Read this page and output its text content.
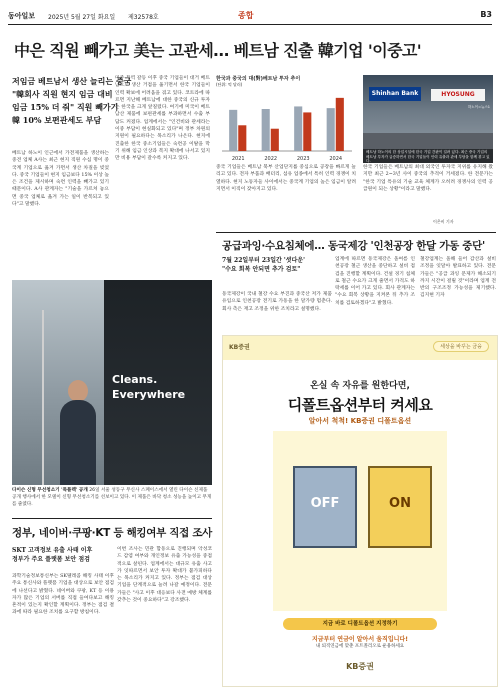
동아일보 2025년 5월 27일 화요일 제32578호	종합	B3
中은 직원 빼가고 美는 고관세… 베트남 진출 韓기업 '이중고'
저임금 베트남서 생산 늘리는 중국
"韓회사 직원 현지 임금 대비
임금 15% 더 줘" 직원 빼가기
韓 10% 보편관세도 부담
베트남 하노이 인근에서 가전제품을 생산하는 중견 업체 A사는 최근 현지 직원 수십 명이 중국계 기업으로 옮겨 가면서 생산 차질을 빚었다. 중국 기업들이 현지 임금보다 15% 이상 높은 조건을 제시하며 숙련 인력을 빼가고 있기 때문이다. A사 관계자는 "기술을 가르쳐 놓으면 중국 업체로 옮겨 가는 일이 반복되고 있다"고 말했다.
미중 무역 갈등 이후 중국 기업들이 대거 베트남으로 생산 거점을 옮기면서 한국 기업들이 인력 확보에 어려움을 겪고 있다. 코트라에 따르면 지난해 베트남에 대한 중국의 신규 투자는 한국을 크게 앞질렀다. 여기에 미국이 베트남산 제품에 보편관세를 부과하면서 수출 부담도 커졌다. 업계에서는 "인건비와 관세라는 이중 부담이 현실화되고 있다"며 정부 차원의 지원이 필요하다는 목소리가 나온다. 현지에 진출한 한국 중소기업들은 숙련공 이탈을 막기 위해 임금 인상과 복지 확대에 나서고 있지만 비용 부담이 갈수록 커지고 있다.
한국과 중국의 대(對)베트남 투자 추이
(단위: 억 달러)
2021	2022	2023	2024
Shinhan Bank	HYOSUNG
하노이=뉴스1
베트남 하노이의 한 상업시설에 한국 기업 간판이 걸려 있다. 최근 중국 기업의 베트남 투자가 급증하면서 한국 기업들이 인력 유출과 관세 부담을 함께 겪고 있다.
중국 기업들은 베트남 북부 산업단지를 중심으로 공장을 빠르게 늘리고 있다. 전자 부품과 배터리, 섬유 업종에서 특히 인력 경쟁이 치열하다. 현지 노동자들 사이에서는 중국계 기업의 높은 임금이 알려지면서 이직이 잦아지고 있다.
한국 기업들은 베트남의 최대 외국인 투자국 지위를 유지해 왔지만 최근 2~3년 사이 중국의 추격이 거세졌다. 한 전문가는 "한국 기업 특유의 기술 교육 체계가 오히려 경쟁사의 인력 공급원이 되는 상황"이라고 말했다.
이은비 기자
Cleans.
Everywhere
다이슨 신형 무선청소기 '특플렉' 공개 26일 서울 성동구 무신사 스페이스에서 열린 다이슨 신제품 공개 행사에서 한 모델이 신형 무선청소기를 선보이고 있다. 이 제품은 바닥 청소 성능을 높이고 무게를 줄였다.
정부, 네이버·쿠팡·KT 등 해킹여부 직접 조사
SKT 고객정보 유출 사태 이후
정부가 주요 플랫폼 보안 점검
과학기술정보통신부는 SK텔레콤 해킹 사태 이후 주요 통신사와 플랫폼 기업을 대상으로 보안 점검에 나선다고 밝혔다. 네이버와 쿠팡, KT 등 이용자가 많은 기업의 서버를 직접 들여다보고 해킹 흔적이 있는지 확인할 계획이다. 정부는 점검 결과에 따라 필요한 조치를 요구할 방침이다.
이번 조사는 민관 합동으로 진행되며 악성코드 감염 여부와 개인정보 유출 가능성을 중점적으로 살핀다. 업계에서는 대규모 유출 사고가 잇따르면서 보안 투자 확대가 불가피하다는 목소리가 커지고 있다. 정부는 점검 대상 기업을 단계적으로 늘려 나갈 예정이다. 전문가들은 "사고 이후 대응보다 사전 예방 체계를 갖추는 것이 중요하다"고 강조했다.
공급과잉·수요침체에… 동국제강 '인천공장 한달 가동 중단'
7월 22일부터 23일간 '셧다운'
"수요 회복 안되면 추가 검토"
동국제강이 국내 철강 수요 부진과 중국산 저가 제품 유입으로 인천공장 전기로 가동을 한 달가량 멈춘다. 회사 측은 재고 조정을 위한 조치라고 설명했다.
업계에 따르면 동국제강은 올여름 인천공장 철근 생산을 중단하고 설비 점검을 진행할 계획이다. 건설 경기 침체로 철근 수요가 크게 줄면서 가격도 하락세를 이어 가고 있다. 회사 관계자는 "수요 회복 상황을 지켜본 뒤 추가 조치를 검토하겠다"고 밝혔다.
철강업계는 올해 들어 감산과 설비 조정을 잇달아 발표하고 있다. 전문가들은 "공급 과잉 문제가 해소되기까지 시간이 걸릴 것"이라며 업계 전반의 구조조정 가능성을 제기했다. 김지현 기자
KB증권	세상을 바꾸는 금융
온실 속 자유를 원한다면,
디폴트옵션부터 켜세요
알아서 척척! KB증권 디폴트옵션
OFF	ON
지금 바로 디폴트옵션 지정하기
지금부터 연금이 알아서 움직입니다!
내 퇴직연금에 맞춘 포트폴리오로 운용하세요
KB증권
